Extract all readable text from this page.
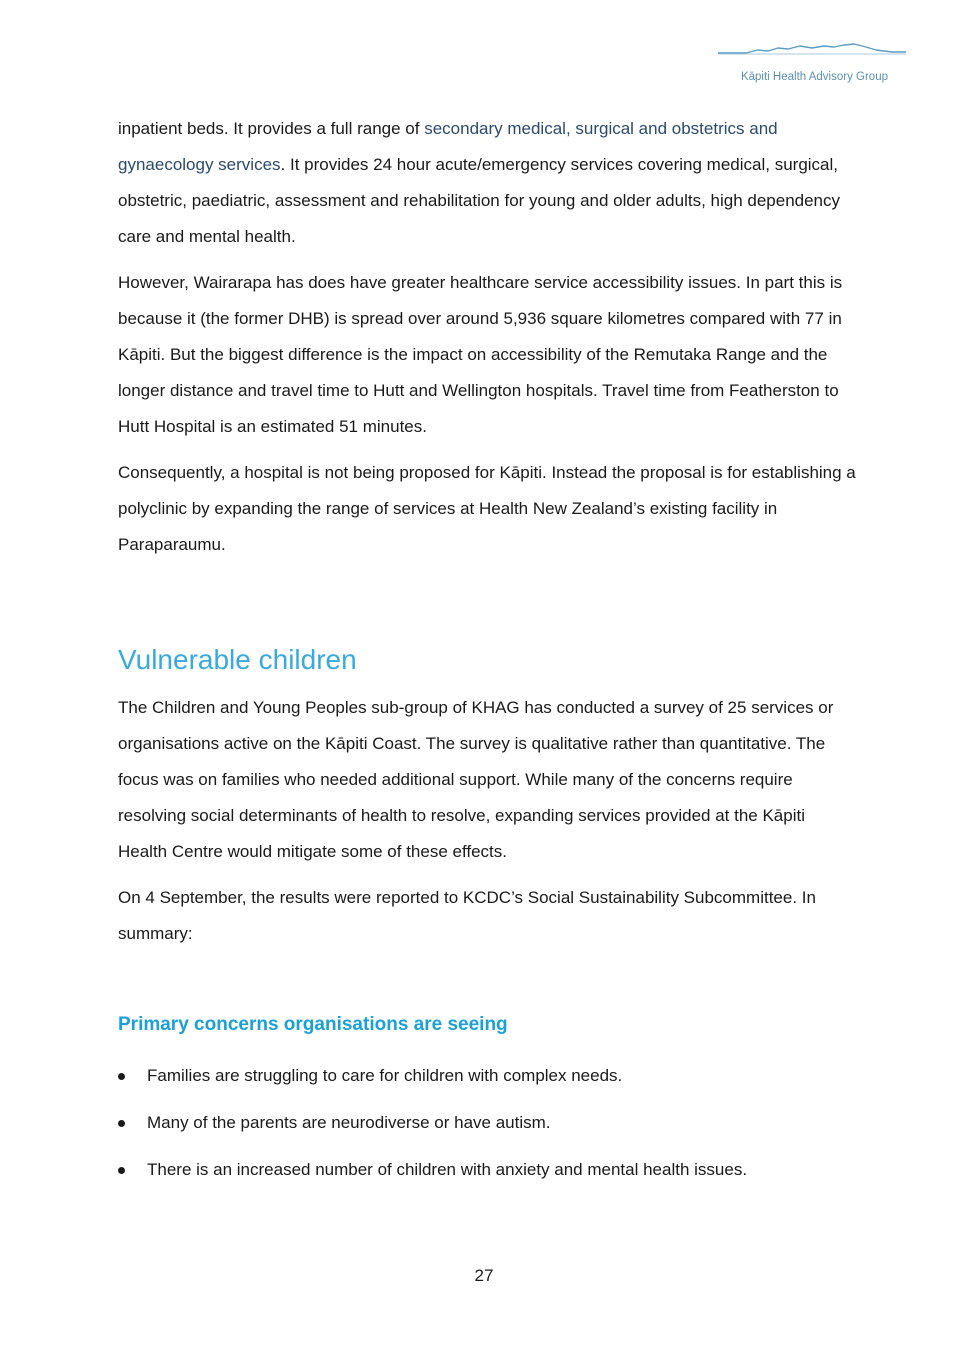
Kāpiti Health Advisory Group

inpatient beds. It provides a full range of secondary medical, surgical and obstetrics and gynaecology services. It provides 24 hour acute/emergency services covering medical, surgical, obstetric, paediatric, assessment and rehabilitation for young and older adults, high dependency care and mental health.

However, Wairarapa has does have greater healthcare service accessibility issues. In part this is because it (the former DHB) is spread over around 5,936 square kilometres compared with 77 in Kāpiti. But the biggest difference is the impact on accessibility of the Remutaka Range and the longer distance and travel time to Hutt and Wellington hospitals. Travel time from Featherston to Hutt Hospital is an estimated 51 minutes.

Consequently, a hospital is not being proposed for Kāpiti. Instead the proposal is for establishing a polyclinic by expanding the range of services at Health New Zealand’s existing facility in Paraparaumu.

Vulnerable children

The Children and Young Peoples sub-group of KHAG has conducted a survey of 25 services or organisations active on the Kāpiti Coast. The survey is qualitative rather than quantitative. The focus was on families who needed additional support. While many of the concerns require resolving social determinants of health to resolve, expanding services provided at the Kāpiti Health Centre would mitigate some of these effects.

On 4 September, the results were reported to KCDC’s Social Sustainability Subcommittee. In summary:

Primary concerns organisations are seeing
Families are struggling to care for children with complex needs.
Many of the parents are neurodiverse or have autism.
There is an increased number of children with anxiety and mental health issues.
27
